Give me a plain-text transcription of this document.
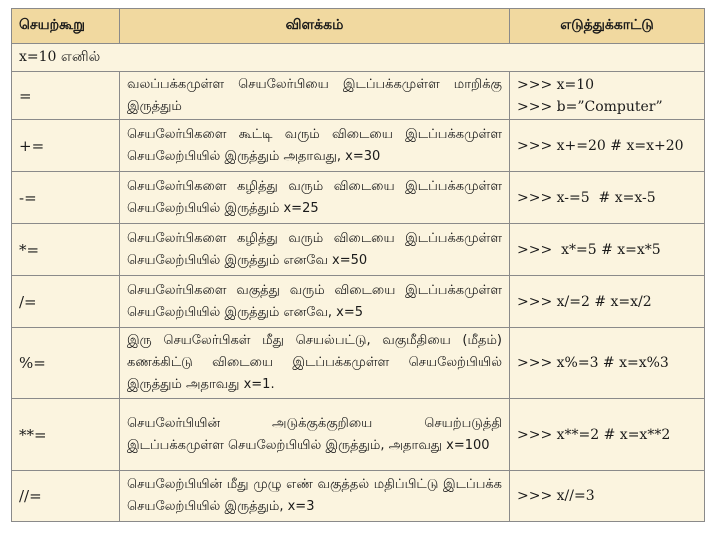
செயற்கூறு	விளக்கம்	எடுத்துக்காட்டு
x=10 எனில்		
=	வலப்பக்கமுள்ள செயலேர்பியை இடப்பக்கமுள்ள மாறிக்கு இருத்தும்	>>> x=10
>>> b=”Computer”

+=	செயலேர்பிகளை கூட்டி வரும் விடையை இடப்பக்கமுள்ள செயலேற்பியில் இருத்தும் அதாவது, x=30	>>> x+=20 # x=x+20

-=	செயலேர்பிகளை கழித்து வரும் விடையை இடப்பக்கமுள்ள செயலேற்பியில் இருத்தும் x=25	>>> x-=5  # x=x-5

*=	செயலேர்பிகளை கழித்து வரும் விடையை இடப்பக்கமுள்ள செயலேற்பியில் இருத்தும் எனவே x=50	>>>  x*=5 # x=x*5

/=	செயலேர்பிகளை வகுத்து வரும் விடையை இடப்பக்கமுள்ள செயலேற்பியில் இருத்தும் எனவே, x=5	>>> x/=2 # x=x/2

%=	இரு செயலேர்பிகள் மீது செயல்பட்டு, வகுமீதியை (மீதம்) கணக்கிட்டு விடையை இடப்பக்கமுள்ள செயலேற்பியில் இருத்தும் அதாவது x=1.	>>> x%=3 # x=x%3

**=	செயலேர்பியின் அடுக்குக்குறியை செயற்படுத்தி இடப்பக்கமுள்ள செயலேற்பியில் இருத்தும், அதாவது x=100	>>> x**=2 # x=x**2

//=	செயலேற்பியின் மீது முழு எண் வகுத்தல் மதிப்பிட்டு இடப்பக்க செயலேற்பியில் இருத்தும், x=3	>>> x//=3
